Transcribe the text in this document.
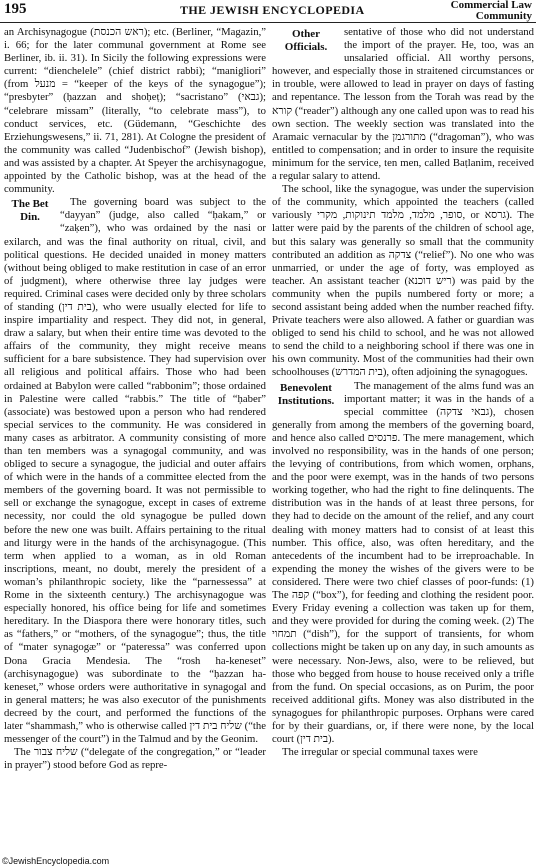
195	THE JEWISH ENCYCLOPEDIA	Commercial Law
Community

an Archisynagogue (ראש הכנסת); etc. (Berliner, “Magazin,” i. 66; for the later communal government at Rome see Berliner, ib. ii. 31). In Sicily the following expressions were current: “dienchelele” (chief district rabbi); “manigliori” (from מנעל = “keeper of the keys of the synagogue”); “presbyter” (ḥazzan and shoḥeṭ); “sacristano” (גבאי); “celebrare missam” (literally, “to celebrate mass”), to conduct services, etc. (Güdemann, “Geschichte des Erziehungswesens,” ii. 71, 281). At Cologne the president of the community was called “Judenbischof” (Jewish bishop), and was assisted by a chapter. At Speyer the archisynagogue, appointed by the Catholic bishop, was at the head of the community.

The Bet Din.

The governing board was subject to the “dayyan” (judge, also called “ḥakam,” or “zaḳen”), who was ordained by the nasi or exilarch, and was the final authority on ritual, civil, and political questions. He decided unaided in money matters (without being obliged to make restitution in case of an error of judgment), where otherwise three lay judges were required. Criminal cases were decided only by three scholars of standing (בית דין), who were usually elected for life to inspire impartiality and respect. They did not, in general, draw a salary, but when their entire time was devoted to the affairs of the community, they might receive means sufficient for a bare subsistence. They had supervision over all religious and political affairs. Those who had been ordained at Babylon were called “rabbonim”; those ordained in Palestine were called “rabbis.” The title of “ḥaber” (associate) was bestowed upon a person who had rendered special services to the community. He was considered in many cases as arbitrator. A community consisting of more than ten members was a synagogal community, and was obliged to secure a synagogue, the judicial and outer affairs of which were in the hands of a committee elected from the members of the governing board. It was not permissible to sell or exchange the synagogue, except in cases of extreme necessity, nor could the old synagogue be pulled down before the new one was built. Affairs pertaining to the ritual and liturgy were in the hands of the archisynagogue. (This term when applied to a woman, as in old Roman inscriptions, meant, no doubt, merely the president of a woman’s philanthropic society, like the “parnessessa” at Rome in the sixteenth century.) The archisynagogue was especially honored, his office being for life and sometimes hereditary. In the Diaspora there were honorary titles, such as “fathers,” or “mothers, of the synagogue”; thus, the title of “mater synagogæ” or “pateressa” was conferred upon Dona Gracia Mendesia. The “rosh ha-keneset” (archisynagogue) was subordinate to the “ḥazzan ha-keneset,” whose orders were authoritative in synagogal and in general matters; he was also executor of the punishments decreed by the court, and performed the functions of the later “shammash,” who is otherwise called שליח בית דין (“the messenger of the court”) in the Talmud and by the Geonim.

The שליח צבור (“delegate of the congregation,” or “leader in prayer”) stood before God as repre-

Other Officials.

sentative of those who did not understand the import of the prayer. He, too, was an unsalaried official. All worthy persons, however, and especially those in straitened circumstances or in trouble, were allowed to lead in prayer on days of fasting and repentance. The lesson from the Torah was read by the קורא (“reader”) although any one called upon was to read his own section. The weekly section was translated into the Aramaic vernacular by the מתורגמן (“dragoman”), who was entitled to compensation; and in order to insure the requisite minimum for the service, ten men, called Baṭlanim, received a regular salary to attend.

The school, like the synagogue, was under the supervision of the community, which appointed the teachers (called variously סופר, מלמד, מלמד תינוקות, מקרי, or גרסא). The latter were paid by the parents of the children of school age, but this salary was generally so small that the community contributed an addition as צדקה (“relief”). No one who was unmarried, or under the age of forty, was employed as teacher. An assistant teacher (ריש דוכנא) was paid by the community when the pupils numbered forty or more; a second assistant being added when the number reached fifty. Private teachers were also allowed. A father or guardian was obliged to send his child to school, and he was not allowed to send the child to a neighboring school if there was one in his own community. Most of the communities had their own schoolhouses (בית המדרש), often adjoining the synagogues.

Benevolent Institutions.

The management of the alms fund was an important matter; it was in the hands of a special committee (גבאי צדקה), chosen generally from among the members of the governing board, and hence also called פרנסים. The mere management, which involved no responsibility, was in the hands of one person; the levying of contributions, from which women, orphans, and the poor were exempt, was in the hands of two persons working together, who had the right to fine delinquents. The distribution was in the hands of at least three persons, for they had to decide on the amount of the relief, and any court dealing with money matters had to consist of at least this number. This office, also, was often hereditary, and the antecedents of the incumbent had to be irreproachable. In expending the money the wishes of the givers were to be considered. There were two chief classes of poor-funds: (1) The קפה (“box”), for feeding and clothing the resident poor. Every Friday evening a collection was taken up for them, and they were provided for during the coming week. (2) The תמחוי (“dish”), for the support of transients, for whom collections might be taken up on any day, in such amounts as were necessary. Non-Jews, also, were to be relieved, but those who begged from house to house received only a trifle from the fund. On special occasions, as on Purim, the poor received additional gifts. Money was also distributed in the synagogues for philanthropic purposes. Orphans were cared for by their guardians, or, if there were none, by the local court (בית דין).

The irregular or special communal taxes were

©JewishEncyclopedia.com
